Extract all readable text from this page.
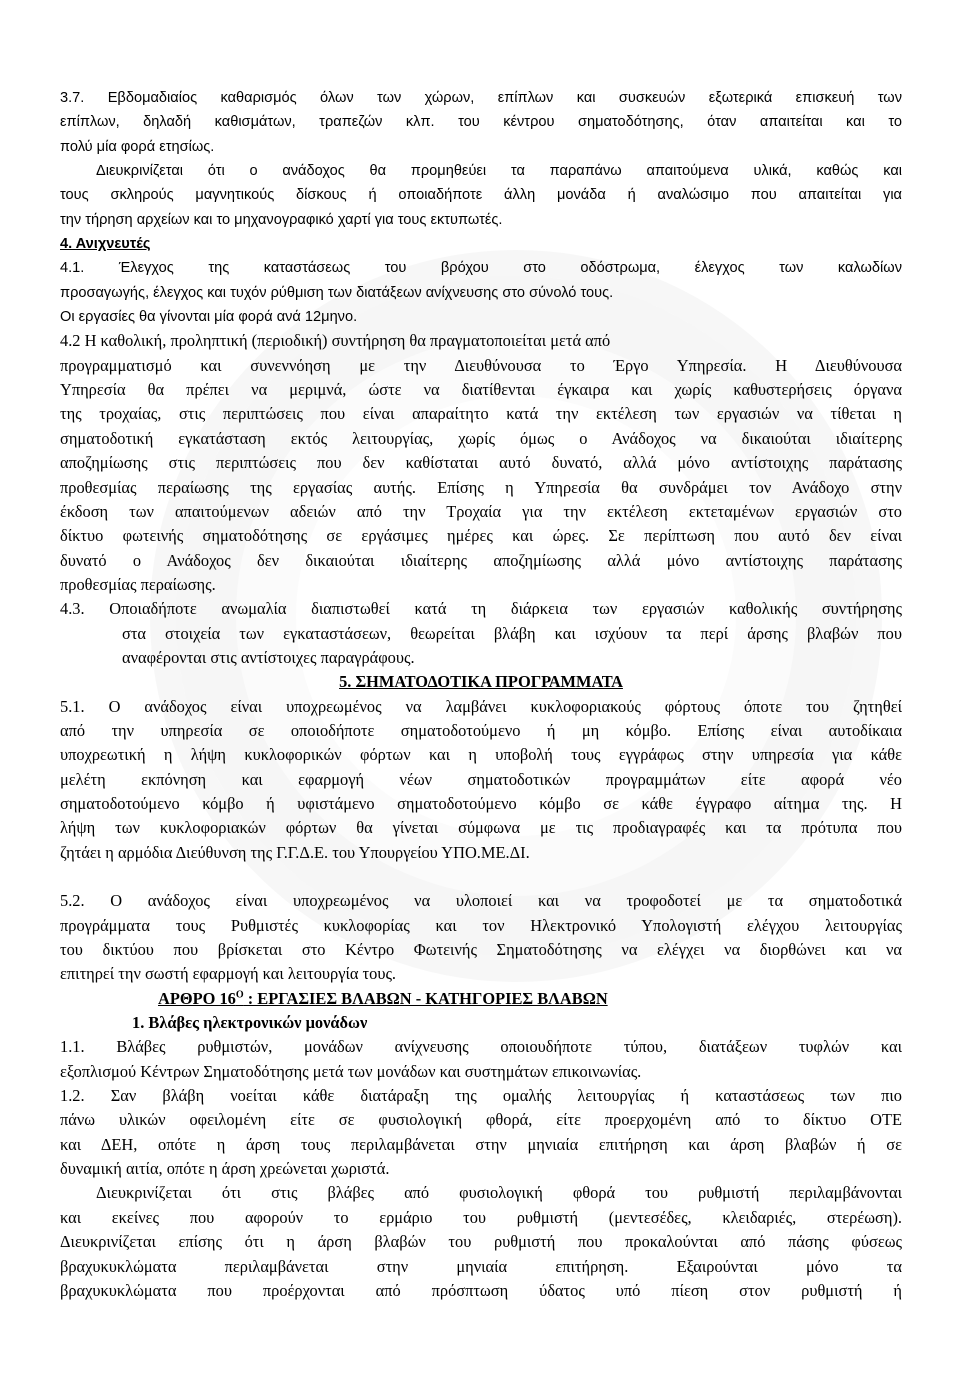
3.7. Εβδομαδιαίος καθαρισμός όλων των χώρων, επίπλων και συσκευών εξωτερικά επισκευή των
επίπλων, δηλαδή καθισμάτων, τραπεζών κλπ. του κέντρου σηματοδότησης, όταν απαιτείται και το
πολύ μία φορά ετησίως.
Διευκρινίζεται ότι ο ανάδοχος θα προμηθεύει τα παραπάνω απαιτούμενα υλικά, καθώς και
τους σκληρούς μαγνητικούς δίσκους ή οποιαδήποτε άλλη μονάδα ή αναλώσιμο που απαιτείται για
την τήρηση αρχείων και το μηχανογραφικό χαρτί για τους εκτυπωτές.
4. Ανιχνευτές
4.1. Έλεγχος της καταστάσεως του βρόχου στο οδόστρωμα, έλεγχος των καλωδίων
προσαγωγής, έλεγχος και τυχόν ρύθμιση των διατάξεων ανίχνευσης στο σύνολό τους.
Οι εργασίες θα γίνονται μία φορά ανά 12μηνο.
4.2 Η καθολική, προληπτική (περιοδική) συντήρηση θα πραγματοποιείται μετά από
προγραμματισμό και συνεννόηση με την Διευθύνουσα το Έργο Υπηρεσία. Η Διευθύνουσα
Υπηρεσία θα πρέπει να μεριμνά, ώστε να διατίθενται έγκαιρα και χωρίς καθυστερήσεις όργανα
της τροχαίας, στις περιπτώσεις που είναι απαραίτητο κατά την εκτέλεση των εργασιών να τίθεται η
σηματοδοτική εγκατάσταση εκτός λειτουργίας, χωρίς όμως ο Ανάδοχος να δικαιούται ιδιαίτερης
αποζημίωσης στις περιπτώσεις που δεν καθίσταται αυτό δυνατό, αλλά μόνο αντίστοιχης παράτασης
προθεσμίας περαίωσης της εργασίας αυτής. Επίσης η Υπηρεσία θα συνδράμει τον Ανάδοχο στην
έκδοση των απαιτούμενων αδειών από την Τροχαία για την εκτέλεση εκτεταμένων εργασιών στο
δίκτυο φωτεινής σηματοδότησης σε εργάσιμες ημέρες και ώρες. Σε περίπτωση που αυτό δεν είναι
δυνατό ο Ανάδοχος δεν δικαιούται ιδιαίτερης αποζημίωσης αλλά μόνο αντίστοιχης παράτασης
προθεσμίας περαίωσης.
4.3. Οποιαδήποτε ανωμαλία διαπιστωθεί κατά τη διάρκεια των εργασιών καθολικής συντήρησης
στα στοιχεία των εγκαταστάσεων, θεωρείται βλάβη και ισχύουν τα περί άρσης βλαβών που
αναφέρονται στις αντίστοιχες παραγράφους.
5. ΣΗΜΑΤΟΔΟΤΙΚΑ ΠΡΟΓΡΑΜΜΑΤΑ
5.1. Ο ανάδοχος είναι υποχρεωμένος να λαμβάνει κυκλοφοριακούς φόρτους όποτε του ζητηθεί
από την υπηρεσία σε οποιοδήποτε σηματοδοτούμενο ή μη κόμβο. Επίσης είναι αυτοδίκαια
υποχρεωτική η λήψη κυκλοφορικών φόρτων και η υποβολή τους εγγράφως στην υπηρεσία για κάθε
μελέτη εκπόνηση και εφαρμογή νέων σηματοδοτικών προγραμμάτων είτε αφορά νέο
σηματοδοτούμενο κόμβο ή υφιστάμενο σηματοδοτούμενο κόμβο σε κάθε έγγραφο αίτημα της. Η
λήψη των κυκλοφοριακών φόρτων θα γίνεται σύμφωνα με τις προδιαγραφές και τα πρότυπα που
ζητάει η αρμόδια Διεύθυνση της Γ.Γ.Δ.Ε. του Υπουργείου ΥΠΟ.ΜΕ.ΔΙ.
5.2. Ο ανάδοχος είναι υποχρεωμένος να υλοποιεί και να τροφοδοτεί με τα σηματοδοτικά
προγράμματα τους Ρυθμιστές κυκλοφορίας και τον Ηλεκτρονικό Υπολογιστή ελέγχου λειτουργίας
του δικτύου που βρίσκεται στο Κέντρο Φωτεινής Σηματοδότησης να ελέγχει να διορθώνει και να
επιτηρεί την σωστή εφαρμογή και λειτουργία τους.
ΑΡΘΡΟ $16^O$ : ΕΡΓΑΣΙΕΣ ΒΛΑΒΩΝ - ΚΑΤΗΓΟΡΙΕΣ ΒΛΑΒΩΝ
1. Βλάβες ηλεκτρονικών μονάδων
1.1. Βλάβες ρυθμιστών, μονάδων ανίχνευσης οποιουδήποτε τύπου, διατάξεων τυφλών και
εξοπλισμού Κέντρων Σηματοδότησης μετά των μονάδων και συστημάτων επικοινωνίας.
1.2. Σαν βλάβη νοείται κάθε διατάραξη της ομαλής λειτουργίας ή καταστάσεως των πιο
πάνω υλικών οφειλομένη είτε σε φυσιολογική φθορά, είτε προερχομένη από το δίκτυο ΟΤΕ
και ΔΕΗ, οπότε η άρση τους περιλαμβάνεται στην μηνιαία επιτήρηση και άρση βλαβών ή σε
δυναμική αιτία, οπότε η άρση χρεώνεται χωριστά.
Διευκρινίζεται ότι στις βλάβες από φυσιολογική φθορά του ρυθμιστή περιλαμβάνονται
και εκείνες που αφορούν το ερμάριο του ρυθμιστή (μεντεσέδες, κλειδαριές, στερέωση).
Διευκρινίζεται επίσης ότι η άρση βλαβών του ρυθμιστή που προκαλούνται από πάσης φύσεως
βραχυκυκλώματα περιλαμβάνεται στην μηνιαία επιτήρηση. Εξαιρούνται μόνο τα
βραχυκυκλώματα που προέρχονται από πρόσπτωση ύδατος υπό πίεση στον ρυθμιστή ή
